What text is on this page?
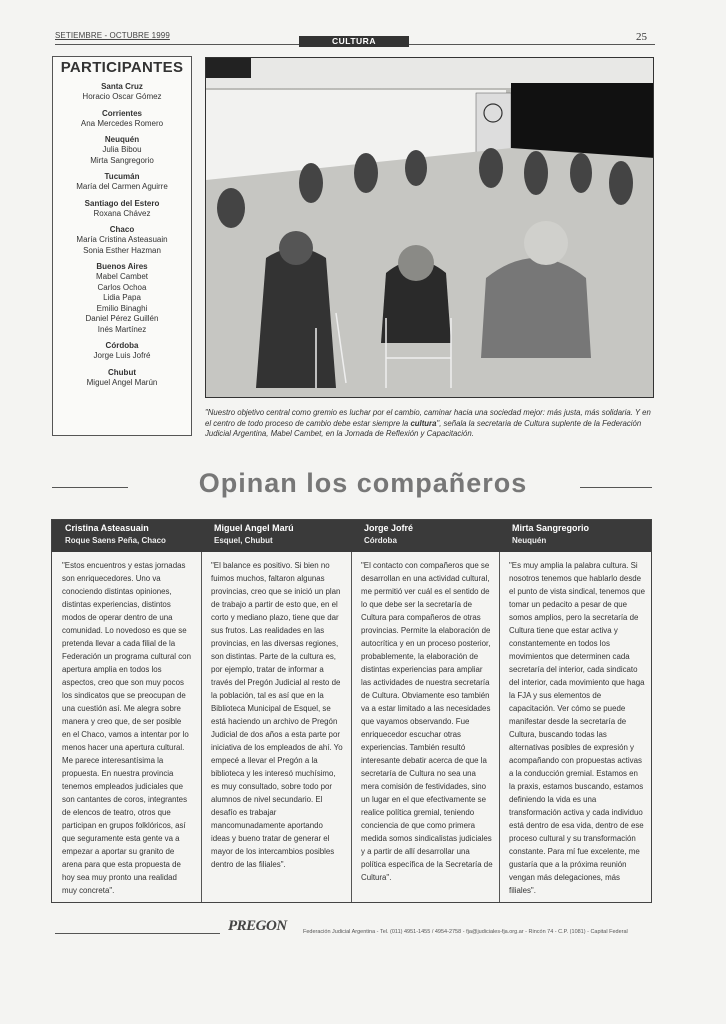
SETIEMBRE - OCTUBRE 1999
CULTURA	25
PARTICIPANTES
Santa Cruz
Horacio Oscar Gómez
Corrientes
Ana Mercedes Romero
Neuquén
Julia Bibou
Mirta Sangregorio
Tucumán
María del Carmen Aguirre
Santiago del Estero
Roxana Chávez
Chaco
María Cristina Asteasuain
Sonia Esther Hazman
Buenos Aires
Mabel Cambet
Carlos Ochoa
Lidia Papa
Emilio Binaghi
Daniel Pérez Guillén
Inés Martínez
Córdoba
Jorge Luis Jofré
Chubut
Miguel Angel Marún
"Nuestro objetivo central como gremio es luchar por el cambio, caminar hacia una sociedad mejor: más justa, más solidaria. Y en el centro de todo proceso de cambio debe estar siempre la cultura", señala la secretaria de Cultura suplente de la Federación Judicial Argentina, Mabel Cambet, en la Jornada de Reflexión y Capacitación.
Opinan los compañeros
Cristina Asteasuain
Roque Saens Peña, Chaco
"Estos encuentros y estas jornadas son enriquecedores. Uno va conociendo distintas opiniones, distintas experiencias, distintos modos de operar dentro de una comunidad. Lo novedoso es que se pretenda llevar a cada filial de la Federación un programa cultural con apertura amplia en todos los aspectos, creo que son muy pocos los sindicatos que se preocupan de una cuestión así. Me alegra sobre manera y creo que, de ser posible en el Chaco, vamos a intentar por lo menos hacer una apertura cultural. Me parece interesantísima la propuesta. En nuestra provincia tenemos empleados judiciales que son cantantes de coros, integrantes de elencos de teatro, otros que participan en grupos folklóricos, así que seguramente esta gente va a empezar a aportar su granito de arena para que esta propuesta de hoy sea muy pronto una realidad muy concreta".
Miguel Angel Marú
Esquel, Chubut
"El balance es positivo. Si bien no fuimos muchos, faltaron algunas provincias, creo que se inició un plan de trabajo a partir de esto que, en el corto y mediano plazo, tiene que dar sus frutos. Las realidades en las provincias, en las diversas regiones, son distintas. Parte de la cultura es, por ejemplo, tratar de informar a través del Pregón Judicial al resto de la población, tal es así que en la Biblioteca Municipal de Esquel, se está haciendo un archivo de Pregón Judicial de dos años a esta parte por iniciativa de los empleados de ahí. Yo empecé a llevar el Pregón a la biblioteca y les interesó muchísimo, es muy consultado, sobre todo por alumnos de nivel secundario. El desafío es trabajar mancomunadamente aportando ideas y bueno tratar de generar el mayor de los intercambios posibles dentro de las filiales".
Jorge Jofré
Córdoba
"El contacto con compañeros que se desarrollan en una actividad cultural, me permitió ver cuál es el sentido de lo que debe ser la secretaría de Cultura para compañeros de otras provincias. Permite la elaboración de autocrítica y en un proceso posterior, probablemente, la elaboración de distintas experiencias para ampliar las actividades de nuestra secretaría de Cultura. Obviamente eso también va a estar limitado a las necesidades que vayamos observando. Fue enriquecedor escuchar otras experiencias. También resultó interesante debatir acerca de que la secretaría de Cultura no sea una mera comisión de festividades, sino un lugar en el que efectivamente se realice política gremial, teniendo conciencia de que como primera medida somos sindicalistas judiciales y a partir de allí desarrollar una política específica de la Secretaría de Cultura".
Mirta Sangregorio
Neuquén
"Es muy amplia la palabra cultura. Si nosotros tenemos que hablarlo desde el punto de vista sindical, tenemos que tomar un pedacito a pesar de que somos amplios, pero la secretaría de Cultura tiene que estar activa y constantemente en todos los movimientos que determinen cada secretaría del interior, cada sindicato del interior, cada movimiento que haga la FJA y sus elementos de capacitación. Ver cómo se puede manifestar desde la secretaría de Cultura, buscando todas las alternativas posibles de expresión y acompañando con propuestas activas a la conducción gremial. Estamos en la praxis, estamos buscando, estamos definiendo la vida es una transformación activa y cada individuo está dentro de esa vida, dentro de ese proceso cultural y su transformación constante. Para mí fue excelente, me gustaría que a la próxima reunión vengan más delegaciones, más filiales".
PREGON	Federación Judicial Argentina - Tel. (011) 4951-1455 / 4954-2758 - fja@judiciales-fja.org.ar - Rincón 74 - C.P. (1081) - Capital Federal
